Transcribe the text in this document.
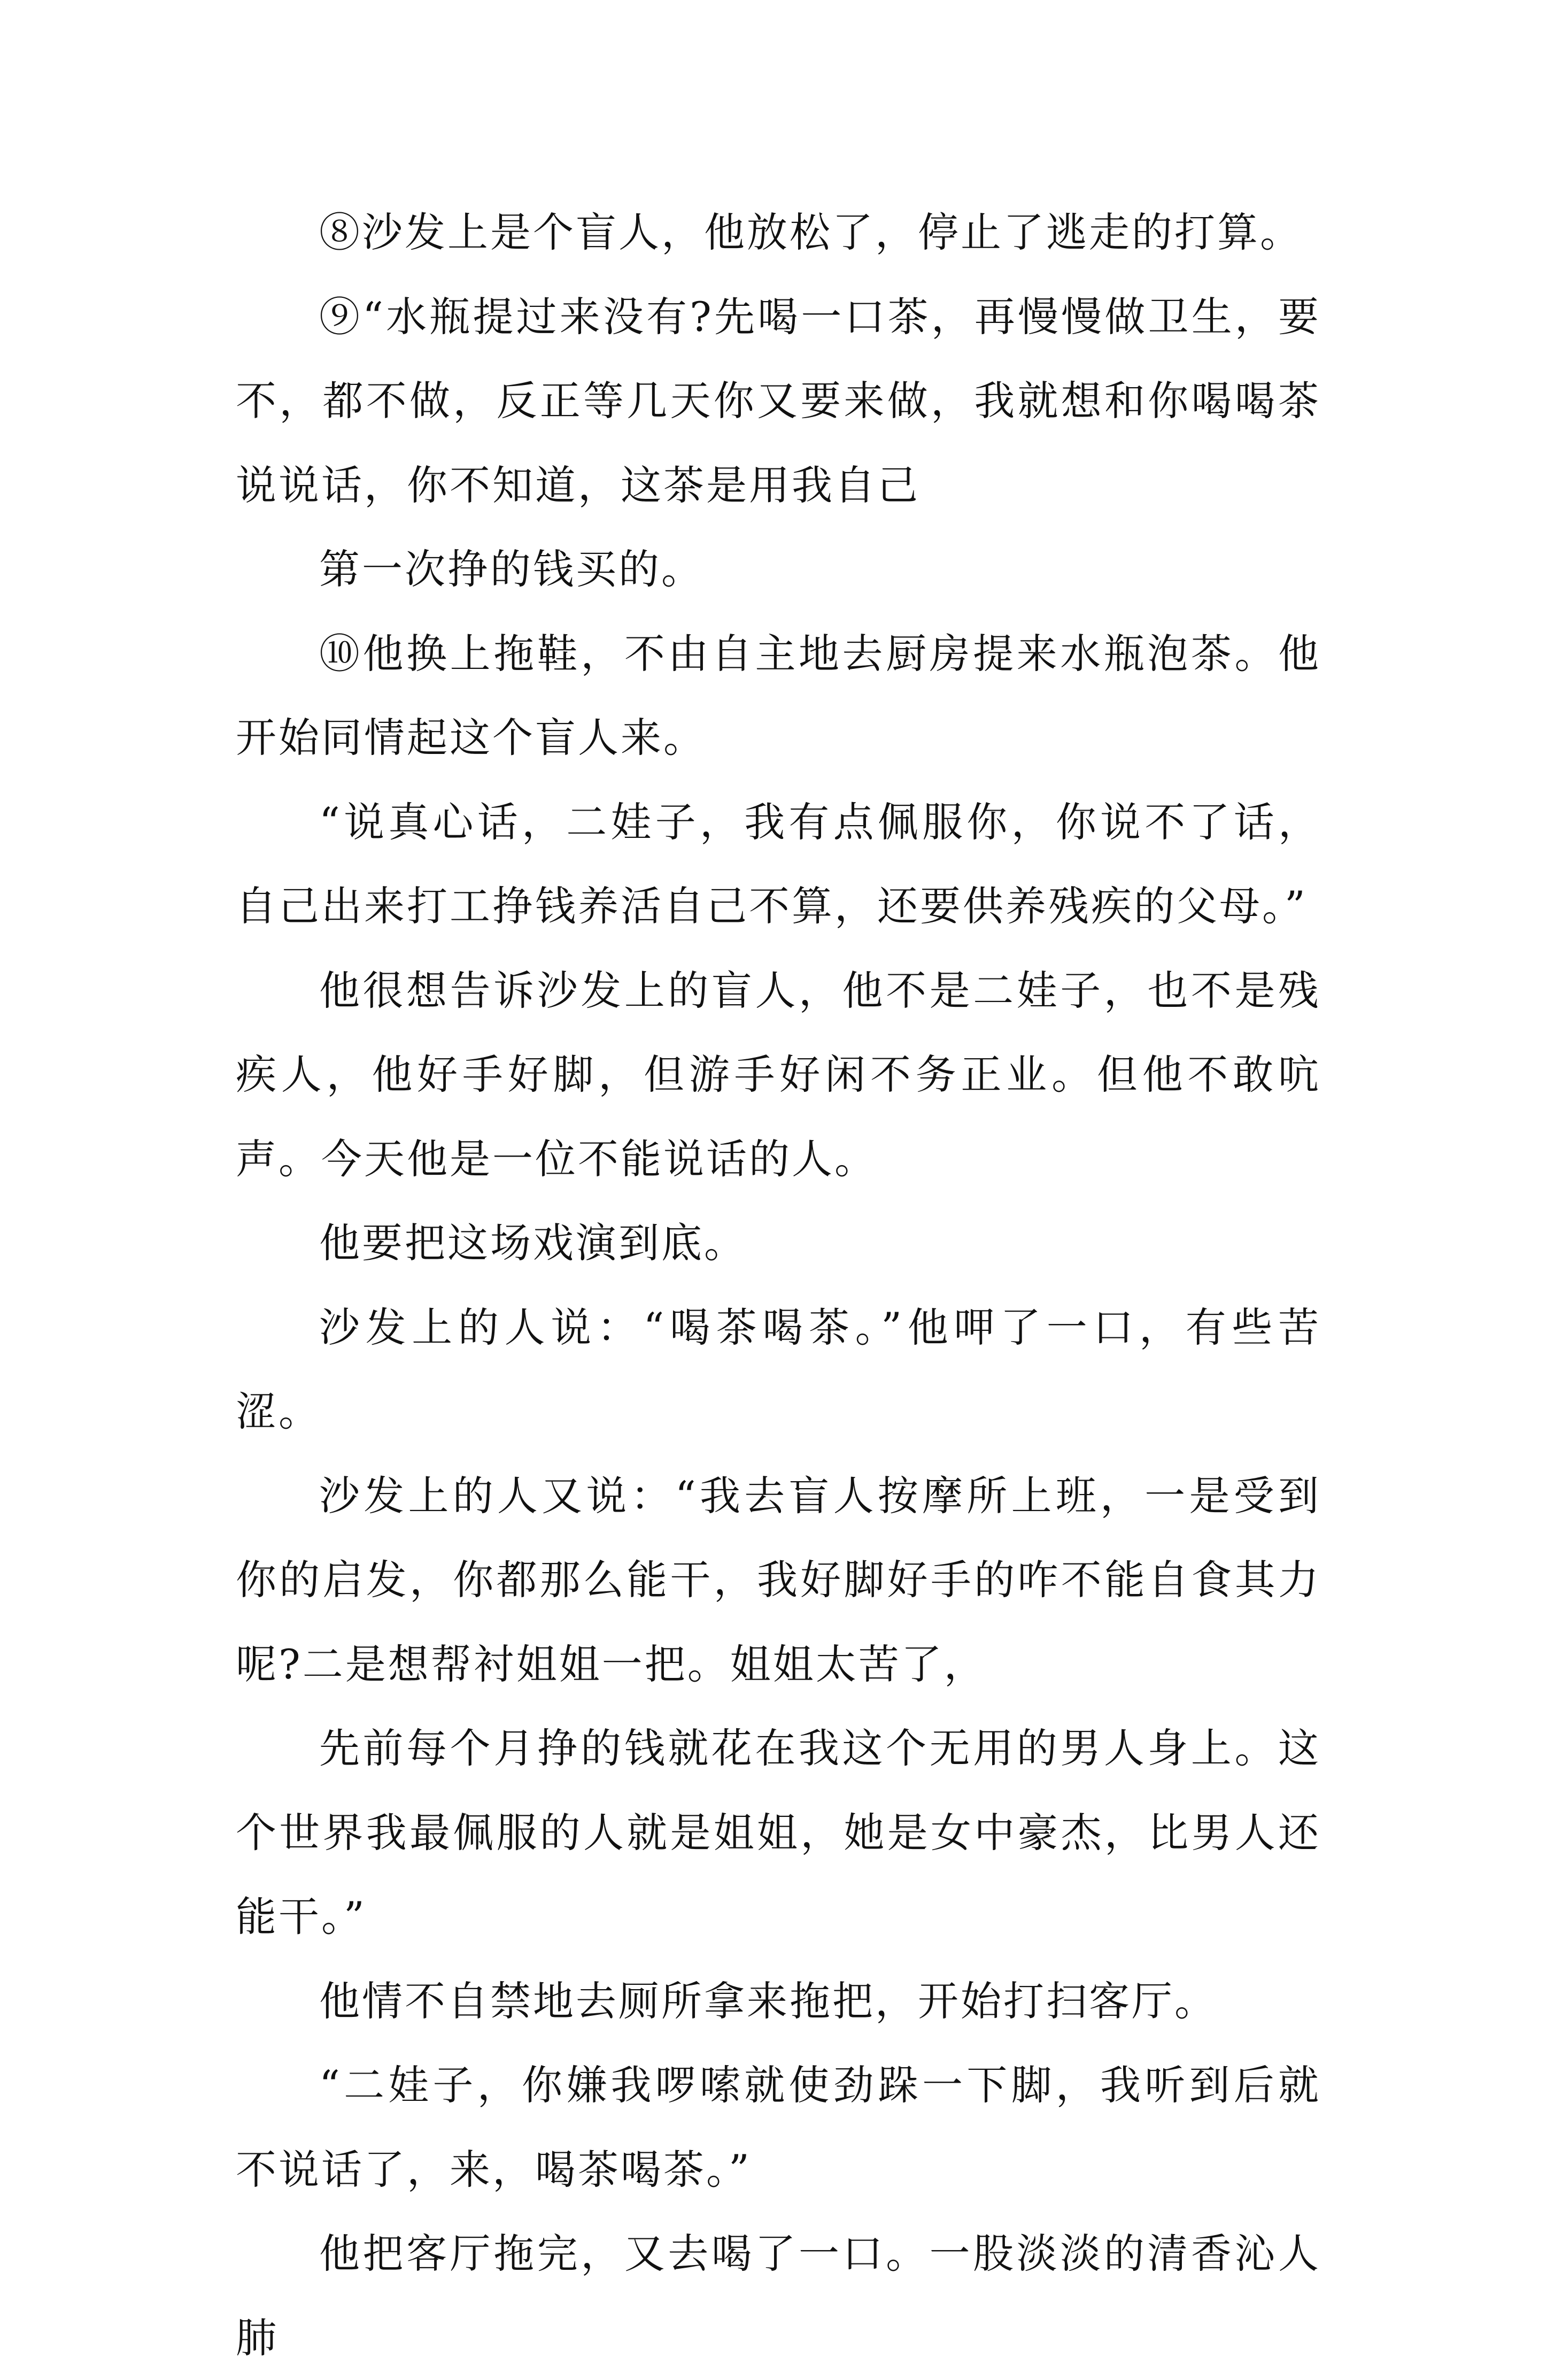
⑧沙发上是个盲人，他放松了，停止了逃走的打算。

⑨“水瓶提过来没有?先喝一口茶，再慢慢做卫生，要不，都不做，反正等几天你又要来做，我就想和你喝喝茶说说话，你不知道，这茶是用我自己

第一次挣的钱买的。

⑩他换上拖鞋，不由自主地去厨房提来水瓶泡茶。他开始同情起这个盲人来。

“说真心话，二娃子，我有点佩服你，你说不了话，自己出来打工挣钱养活自己不算，还要供养残疾的父母。”

他很想告诉沙发上的盲人，他不是二娃子，也不是残疾人，他好手好脚，但游手好闲不务正业。但他不敢吭声。今天他是一位不能说话的人。

他要把这场戏演到底。

沙发上的人说：“喝茶喝茶。”他呷了一口，有些苦涩。

沙发上的人又说：“我去盲人按摩所上班，一是受到你的启发，你都那么能干，我好脚好手的咋不能自食其力呢?二是想帮衬姐姐一把。姐姐太苦了，

先前每个月挣的钱就花在我这个无用的男人身上。这个世界我最佩服的人就是姐姐，她是女中豪杰，比男人还能干。”

他情不自禁地去厕所拿来拖把，开始打扫客厅。

“二娃子，你嫌我啰嗦就使劲跺一下脚，我听到后就不说话了，来，喝茶喝茶。”

他把客厅拖完，又去喝了一口。一股淡淡的清香沁人肺
